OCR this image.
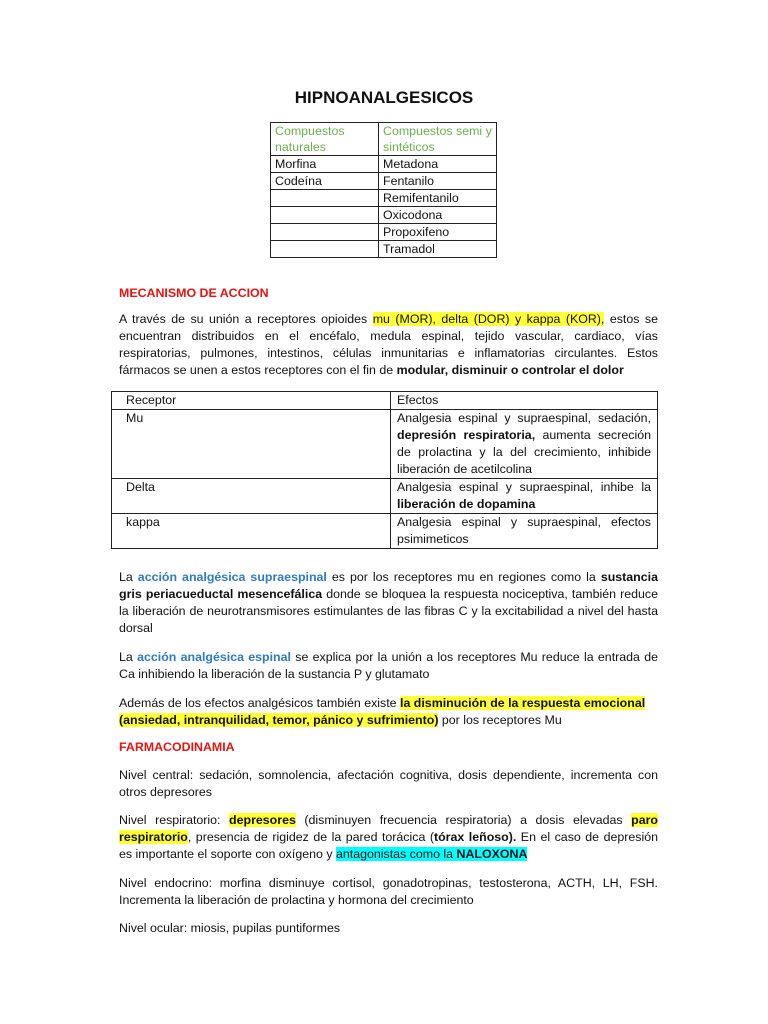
HIPNOANALGESICOS
Compuestos naturales	Compuestos semi y sintéticos
Morfina	Metadona
Codeína	Fentanilo
	Remifentanilo
	Oxicodona
	Propoxifeno
	Tramadol
MECANISMO DE ACCION
A través de su unión a receptores opioides mu (MOR), delta (DOR) y kappa (KOR), estos se encuentran distribuidos en el encéfalo, medula espinal, tejido vascular, cardiaco, vías respiratorias, pulmones, intestinos, células inmunitarias e inflamatorias circulantes. Estos fármacos se unen a estos receptores con el fin de modular, disminuir o controlar el dolor
Receptor	Efectos
Mu	Analgesia espinal y supraespinal, sedación, depresión respiratoria, aumenta secreción de prolactina y la del crecimiento, inhibide liberación de acetilcolina
Delta	Analgesia espinal y supraespinal, inhibe la liberación de dopamina
kappa	Analgesia espinal y supraespinal, efectos psimimeticos
La acción analgésica supraespinal es por los receptores mu en regiones como la sustancia gris periacueductal mesencefálica donde se bloquea la respuesta nociceptiva, también reduce la liberación de neurotransmisores estimulantes de las fibras C y la excitabilidad a nivel del hasta dorsal
La acción analgésica espinal se explica por la unión a los receptores Mu reduce la entrada de Ca inhibiendo la liberación de la sustancia P y glutamato
Además de los efectos analgésicos también existe la disminución de la respuesta emocional
(ansiedad, intranquilidad, temor, pánico y sufrimiento) por los receptores Mu
FARMACODINAMIA
Nivel central: sedación, somnolencia, afectación cognitiva, dosis dependiente, incrementa con otros depresores
Nivel respiratorio: depresores (disminuyen frecuencia respiratoria) a dosis elevadas paro respiratorio, presencia de rigidez de la pared torácica (tórax leñoso). En el caso de depresión es importante el soporte con oxígeno y antagonistas como la NALOXONA
Nivel endocrino: morfina disminuye cortisol, gonadotropinas, testosterona, ACTH, LH, FSH. Incrementa la liberación de prolactina y hormona del crecimiento
Nivel ocular: miosis, pupilas puntiformes
